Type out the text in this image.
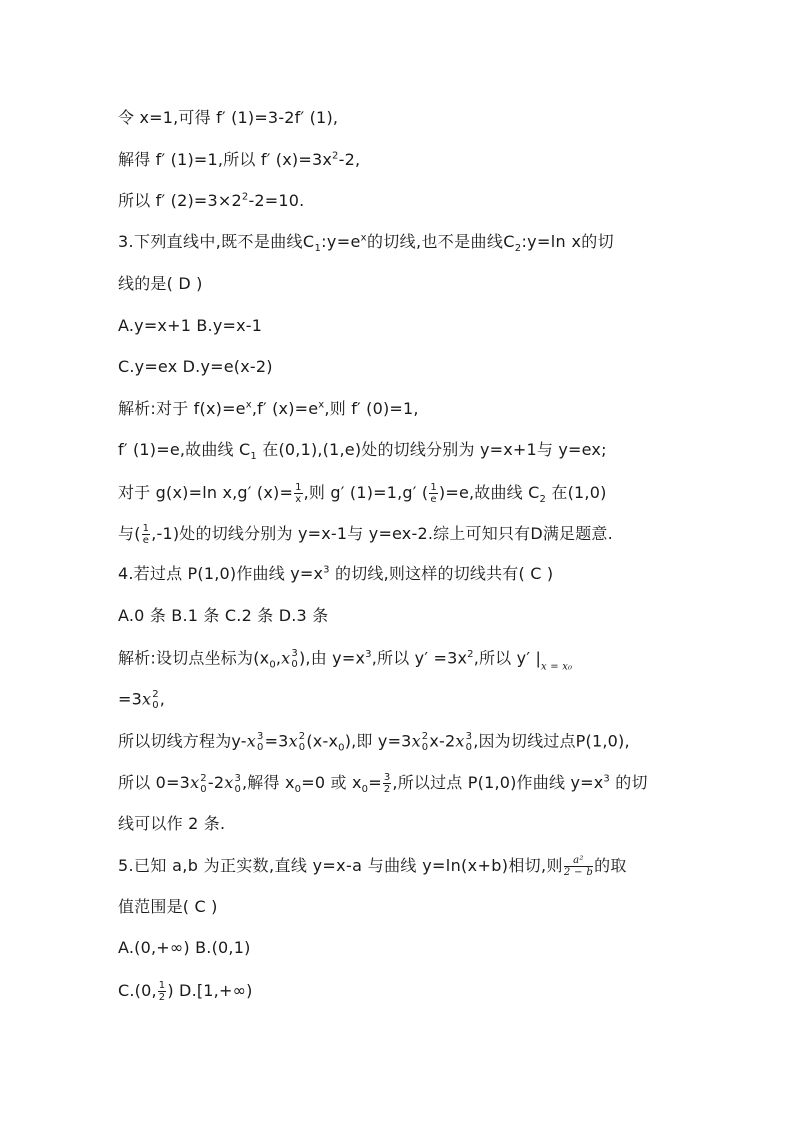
令 x=1,可得 f′ (1)=3-2f′ (1),
解得 f′ (1)=1,所以 f′ $(x)=3x^2-2$,
所以 f′ $(2)=3\times 2^2-2=10$.
3.下列直线中,既不是曲线$C_1:y=e^x$的切线,也不是曲线$C_2:y=\ln$ x的切
线的是( D )
A.y=x+1 B.y=x-1
C.y=ex D.y=e(x-2)
解析:对于 $f(x)=e^x,f'$ $(x)=e^x$,则 f′ (0)=1,
f′ (1)=e,故曲线 $C_1$ 在(0,1),(1,e)处的切线分别为 y=x+1与 y=ex;
对于 g(x)=ln x,g′ $(x)= \frac{1}{x}$ ,则 g′ (1)=1,g′ ( $\frac{1}{e} )=e$,故曲线 $C_2$ 在(1,0)
与( $\frac{1}{e} ,-1$)处的切线分别为 y=x-1与 y=ex-2.综上可知只有D满足题意.
4.若过点 P(1,0)作曲线 $y=x^3$ 的切线,则这样的切线共有( C )
A.0 条 B.1 条 C.2 条 D.3 条
解析:设切点坐标为($x_0,x$ 3
0 ),由 $y=x^3$,所以 $y' =3x^2$,所以 y′ $|_{x = x_0}$
=3x 2
0 ,
所以切线方程为y-x 3
0 =3x 2
0 $(x-x_0)$,即 y=3x 2
0 x-2x 3
0 ,因为切线过点P(1,0),
所以 0=3x 2
0 -2x 3
0 ,解得 $x_0=0$ 或 $x_0= \frac{3}{2}$ ,所以过点 P(1,0)作曲线 $y=x^3$ 的切
线可以作 2 条.
5.已知 a,b 为正实数,直线 y=x-a 与曲线 y=ln(x+b)相切,则 $\frac{\text{a²}}{2 - b}$ 的取
值范围是( C )
A.(0,+∞) B.(0,1)
C.(0, $\frac{1}{2}$ ) D.[1,+∞)
